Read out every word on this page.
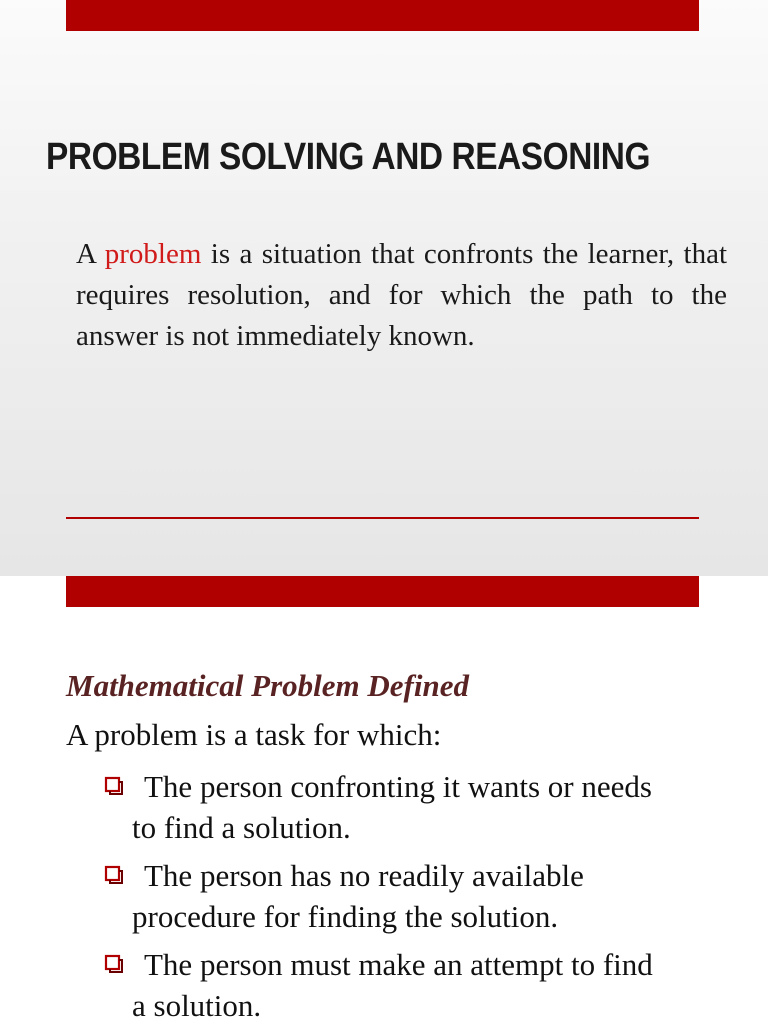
PROBLEM SOLVING AND REASONING

A problem is a situation that confronts the learner, that requires resolution, and for which the path to the answer is not immediately known.

Mathematical Problem Defined

A problem is a task for which:

The person confronting it wants or needs to find a solution.
The person has no readily available procedure for finding the solution.
The person must make an attempt to find a solution.
